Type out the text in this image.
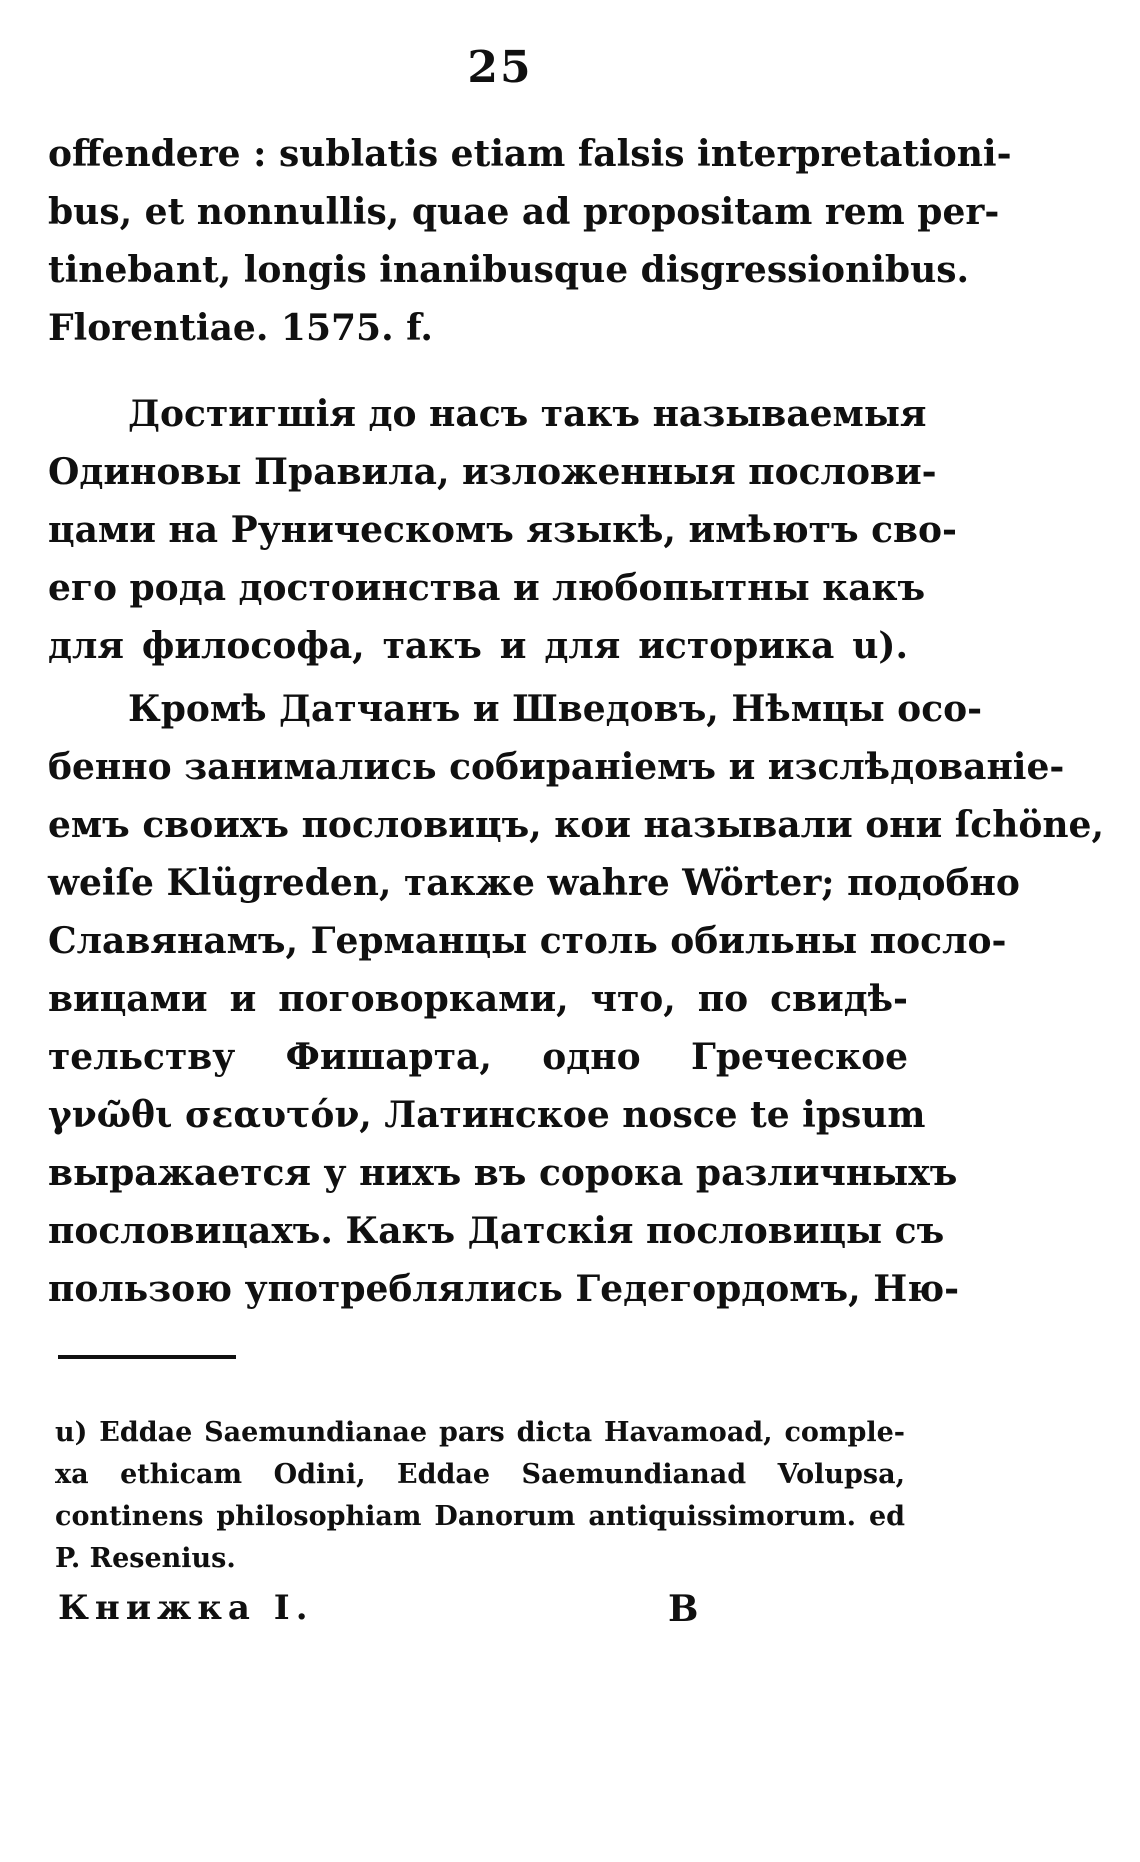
25
offendere : sublatis etiam falsis interpretationi-
bus, et nonnullis, quae ad propositam rem per-
tinebant, longis inanibusque disgressionibus.
Florentiae. 1575. f.
Достигшія до насъ такъ называемыя
Одиновы Правила, изложенныя послови-
цами на Руническомъ языкѣ, имѣютъ сво-
его рода достоинства и любопытны какъ
для философа, такъ и для историка u).
Кромѣ Датчанъ и Шведовъ, Нѣмцы осо-
бенно занимались собираніемъ и изслѣдованіе-
емъ своихъ пословицъ, кои называли они ſchöne,
weiſe Klügreden, также wahre Wörter; подобно
Славянамъ, Германцы столь обильны посло-
вицами и поговорками, что, по свидѣ-
тельству Фишарта, одно Греческое
γνῶθι σεαυτόν, Латинское nosce te ipsum
выражается у нихъ въ сорока различныхъ
пословицахъ. Какъ Датскія пословицы съ
пользою употреблялись Гедегордомъ, Ню-
u) Eddae Saemundianae pars dicta Havamoad, comple-
xa ethicam Odini, Eddae Saemundianad Volupsa,
continens philosophiam Danorum antiquissimorum. ed
P. Resenius.
Книжка I.	B
